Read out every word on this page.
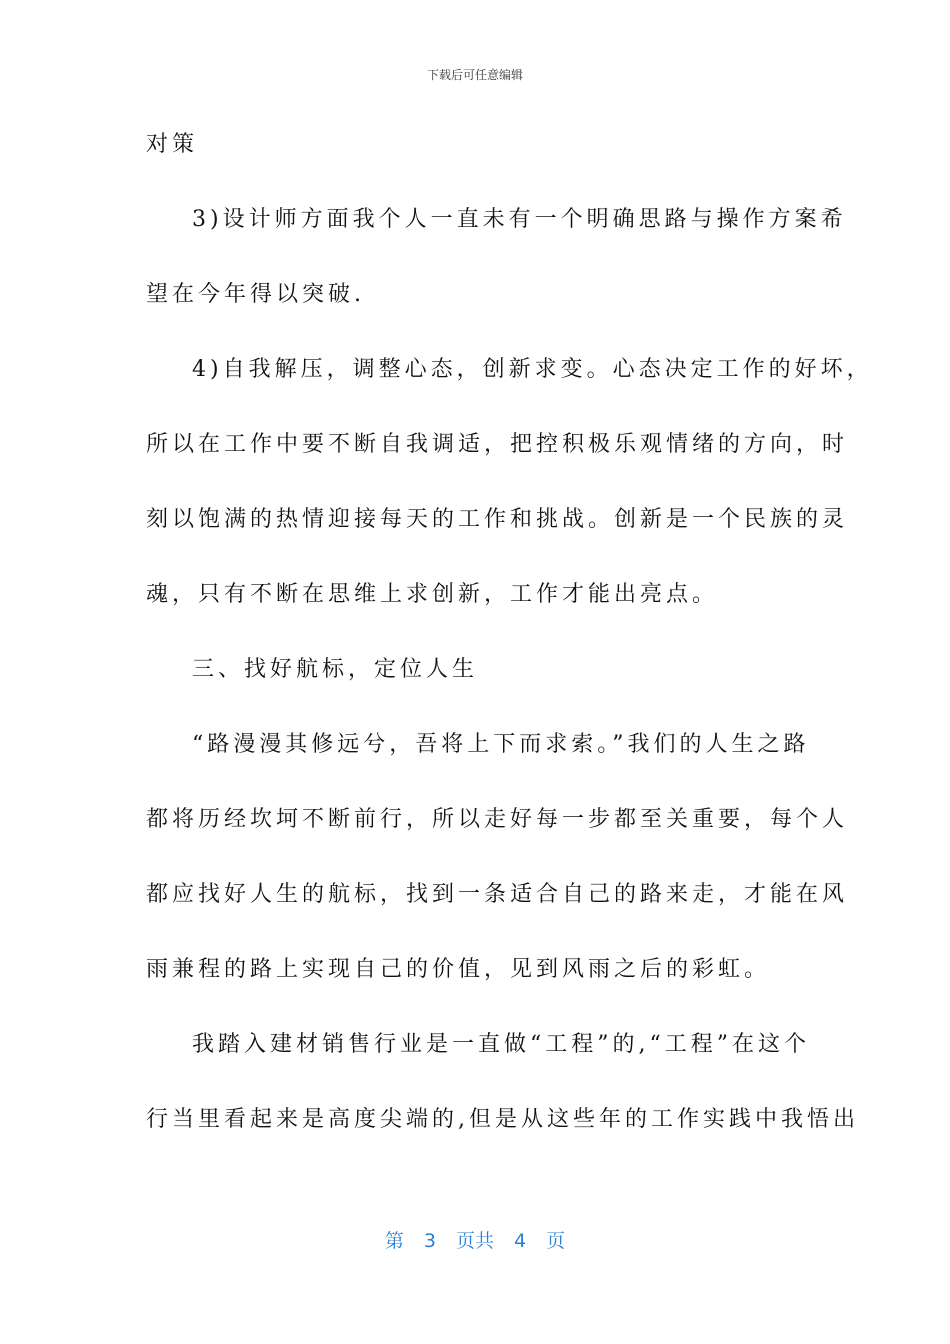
下载后可任意编辑
对策
3)设计师方面我个人一直未有一个明确思路与操作方案希
望在今年得以突破.
4)自我解压，调整心态，创新求变。心态决定工作的好坏，
所以在工作中要不断自我调适，把控积极乐观情绪的方向，时
刻以饱满的热情迎接每天的工作和挑战。创新是一个民族的灵
魂，只有不断在思维上求创新，工作才能出亮点。
三、找好航标，定位人生
“路漫漫其修远兮，吾将上下而求索。”我们的人生之路
都将历经坎坷不断前行，所以走好每一步都至关重要，每个人
都应找好人生的航标，找到一条适合自己的路来走，才能在风
雨兼程的路上实现自己的价值，见到风雨之后的彩虹。
我踏入建材销售行业是一直做“工程”的,“工程”在这个
行当里看起来是高度尖端的,但是从这些年的工作实践中我悟出
第 3 页共 4 页
